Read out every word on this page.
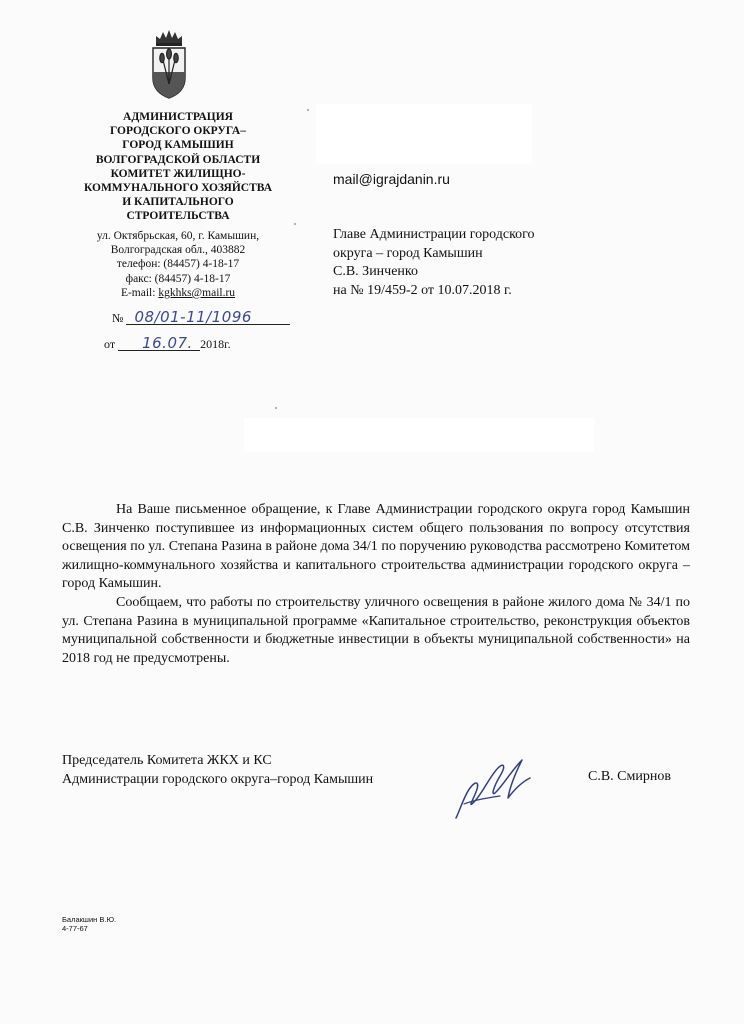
АДМИНИСТРАЦИЯ
ГОРОДСКОГО ОКРУГА–
ГОРОД КАМЫШИН
ВОЛГОГРАДСКОЙ ОБЛАСТИ
КОМИТЕТ ЖИЛИЩНО-
КОММУНАЛЬНОГО ХОЗЯЙСТВА
И КАПИТАЛЬНОГО
СТРОИТЕЛЬСТВА
ул. Октябрьская, 60, г. Камышин,
Волгоградская обл., 403882
телефон: (84457) 4-18-17
факс: (84457) 4-18-17
E-mail: kgkhks@mail.ru
№ 08/01-11/1096
от 16.07. 2018г.
mail@igrajdanin.ru
Главе Администрации городского
округа – город Камышин
С.В. Зинченко
на № 19/459-2 от 10.07.2018 г.

На Ваше письменное обращение, к Главе Администрации городского округа город Камышин С.В. Зинченко поступившее из информационных систем общего пользования по вопросу отсутствия освещения по ул. Степана Разина в районе дома 34/1 по поручению руководства рассмотрено Комитетом жилищно-коммунального хозяйства и капитального строительства администрации городского округа – город Камышин.

Сообщаем, что работы по строительству уличного освещения в районе жилого дома № 34/1 по ул. Степана Разина в муниципальной программе «Капитальное строительство, реконструкция объектов муниципальной собственности и бюджетные инвестиции в объекты муниципальной собственности» на 2018 год не предусмотрены.

Председатель Комитета ЖКХ и КС
Администрации городского округа–город Камышин	С.В. Смирнов
Балакшин В.Ю.
4-77-67
